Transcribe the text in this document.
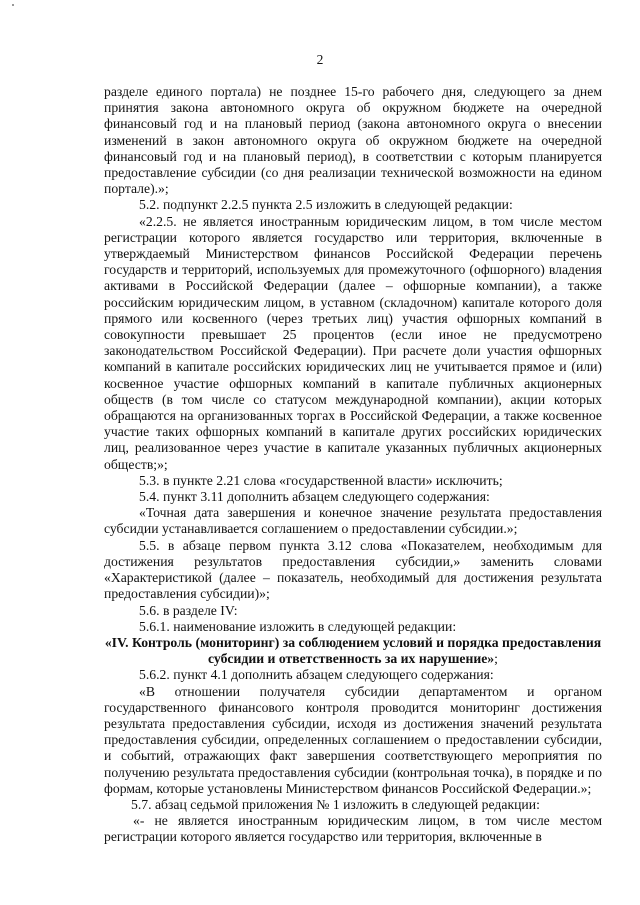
2

разделе единого портала) не позднее 15-го рабочего дня, следующего за днем принятия закона автономного округа об окружном бюджете на очередной финансовый год и на плановый период (закона автономного округа о внесении изменений в закон автономного округа об окружном бюджете на очередной финансовый год и на плановый период), в соответствии с которым планируется предоставление субсидии (со дня реализации технической возможности на едином портале).»;

5.2. подпункт 2.2.5 пункта 2.5 изложить в следующей редакции:

«2.2.5. не является иностранным юридическим лицом, в том числе местом регистрации которого является государство или территория, включенные в утверждаемый Министерством финансов Российской Федерации перечень государств и территорий, используемых для промежуточного (офшорного) владения активами в Российской Федерации (далее – офшорные компании), а также российским юридическим лицом, в уставном (складочном) капитале которого доля прямого или косвенного (через третьих лиц) участия офшорных компаний в совокупности превышает 25 процентов (если иное не предусмотрено законодательством Российской Федерации). При расчете доли участия офшорных компаний в капитале российских юридических лиц не учитывается прямое и (или) косвенное участие офшорных компаний в капитале публичных акционерных обществ (в том числе со статусом международной компании), акции которых обращаются на организованных торгах в Российской Федерации, а также косвенное участие таких офшорных компаний в капитале других российских юридических лиц, реализованное через участие в капитале указанных публичных акционерных обществ;»;

5.3. в пункте 2.21 слова «государственной власти» исключить;

5.4. пункт 3.11 дополнить абзацем следующего содержания:

«Точная дата завершения и конечное значение результата предоставления субсидии устанавливается соглашением о предоставлении субсидии.»;

5.5. в абзаце первом пункта 3.12 слова «Показателем, необходимым для достижения результатов предоставления субсидии,» заменить словами «Характеристикой (далее – показатель, необходимый для достижения результата предоставления субсидии)»;

5.6. в разделе IV:

5.6.1. наименование изложить в следующей редакции:

«IV. Контроль (мониторинг) за соблюдением условий и порядка предоставления субсидии и ответственность за их нарушение»;

5.6.2. пункт 4.1 дополнить абзацем следующего содержания:

«В отношении получателя субсидии департаментом и органом государственного финансового контроля проводится мониторинг достижения результата предоставления субсидии, исходя из достижения значений результата предоставления субсидии, определенных соглашением о предоставлении субсидии, и событий, отражающих факт завершения соответствующего мероприятия по получению результата предоставления субсидии (контрольная точка), в порядке и по формам, которые установлены Министерством финансов Российской Федерации.»;

5.7. абзац седьмой приложения № 1 изложить в следующей редакции:

«- не является иностранным юридическим лицом, в том числе местом регистрации которого является государство или территория, включенные в
